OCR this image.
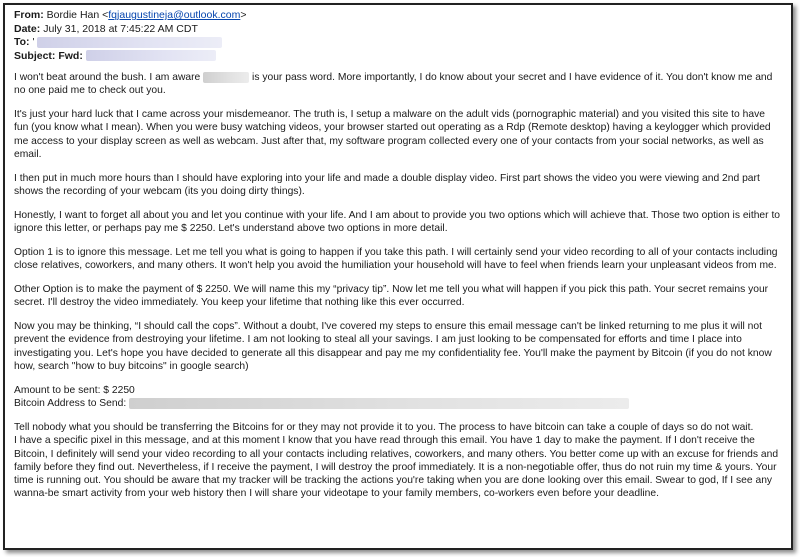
From: Bordie Han <fqjaugustineja@outlook.com>
Date: July 31, 2018 at 7:45:22 AM CDT
To: '
Subject: Fwd:

I won't beat around the bush. I am aware	is your pass word. More importantly, I do know about your secret and I have evidence of it. You don't know me and no one paid me to check out you.

It's just your hard luck that I came across your misdemeanor. The truth is, I setup a malware on the adult vids (pornographic material) and you visited this site to have fun (you know what I mean). When you were busy watching videos, your browser started out operating as a Rdp (Remote desktop) having a keylogger which provided me access to your display screen as well as webcam. Just after that, my software program collected every one of your contacts from your social networks, as well as email.

I then put in much more hours than I should have exploring into your life and made a double display video. First part shows the video you were viewing and 2nd part shows the recording of your webcam (its you doing dirty things).

Honestly, I want to forget all about you and let you continue with your life. And I am about to provide you two options which will achieve that. Those two option is either to ignore this letter, or perhaps pay me $ 2250. Let's understand above two options in more detail.

Option 1 is to ignore this message. Let me tell you what is going to happen if you take this path. I will certainly send your video recording to all of your contacts including close relatives, coworkers, and many others. It won't help you avoid the humiliation your household will have to feel when friends learn your unpleasant videos from me.

Other Option is to make the payment of $ 2250. We will name this my “privacy tip”. Now let me tell you what will happen if you pick this path. Your secret remains your secret. I'll destroy the video immediately. You keep your lifetime that nothing like this ever occurred.

Now you may be thinking, “I should call the cops”. Without a doubt, I've covered my steps to ensure this email message can't be linked returning to me plus it will not prevent the evidence from destroying your lifetime. I am not looking to steal all your savings. I am just looking to be compensated for efforts and time I place into investigating you. Let's hope you have decided to generate all this disappear and pay me my confidentiality fee. You'll make the payment by Bitcoin (if you do not know how, search "how to buy bitcoins" in google search)

Amount to be sent: $ 2250

Bitcoin Address to Send:

Tell nobody what you should be transferring the Bitcoins for or they may not provide it to you. The process to have bitcoin can take a couple of days so do not wait.

I have a specific pixel in this message, and at this moment I know that you have read through this email. You have 1 day to make the payment. If I don't receive the Bitcoin, I definitely will send your video recording to all your contacts including relatives, coworkers, and many others. You better come up with an excuse for friends and family before they find out. Nevertheless, if I receive the payment, I will destroy the proof immediately. It is a non-negotiable offer, thus do not ruin my time & yours. Your time is running out. You should be aware that my tracker will be tracking the actions you're taking when you are done looking over this email. Swear to god, If I see any wanna-be smart activity from your web history then I will share your videotape to your family members, co-workers even before your deadline.
